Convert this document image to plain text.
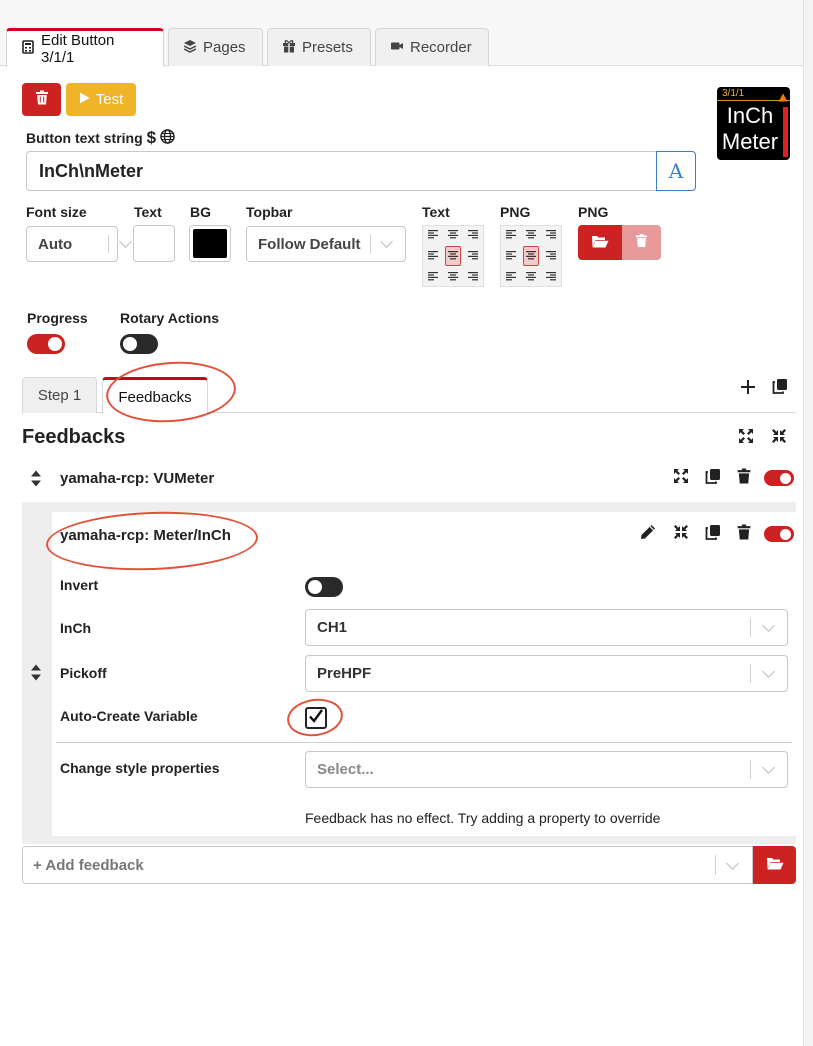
Edit Button 3/1/1
Pages	Presets	Recorder
Test	3/1/1
InCh
Meter
Button text string $
InCh\nMeter	A
Font size
Auto
Text BG	Topbar
Follow Default
Text	PNG	PNG
Progress Rotary Actions
Step 1	Feedbacks
Feedbacks
yamaha-rcp: VUMeter
yamaha-rcp: Meter/InCh
Invert
InCh	CH1
Pickoff	PreHPF
Auto-Create Variable
Change style properties	Select...
Feedback has no effect. Try adding a property to override
+ Add feedback
